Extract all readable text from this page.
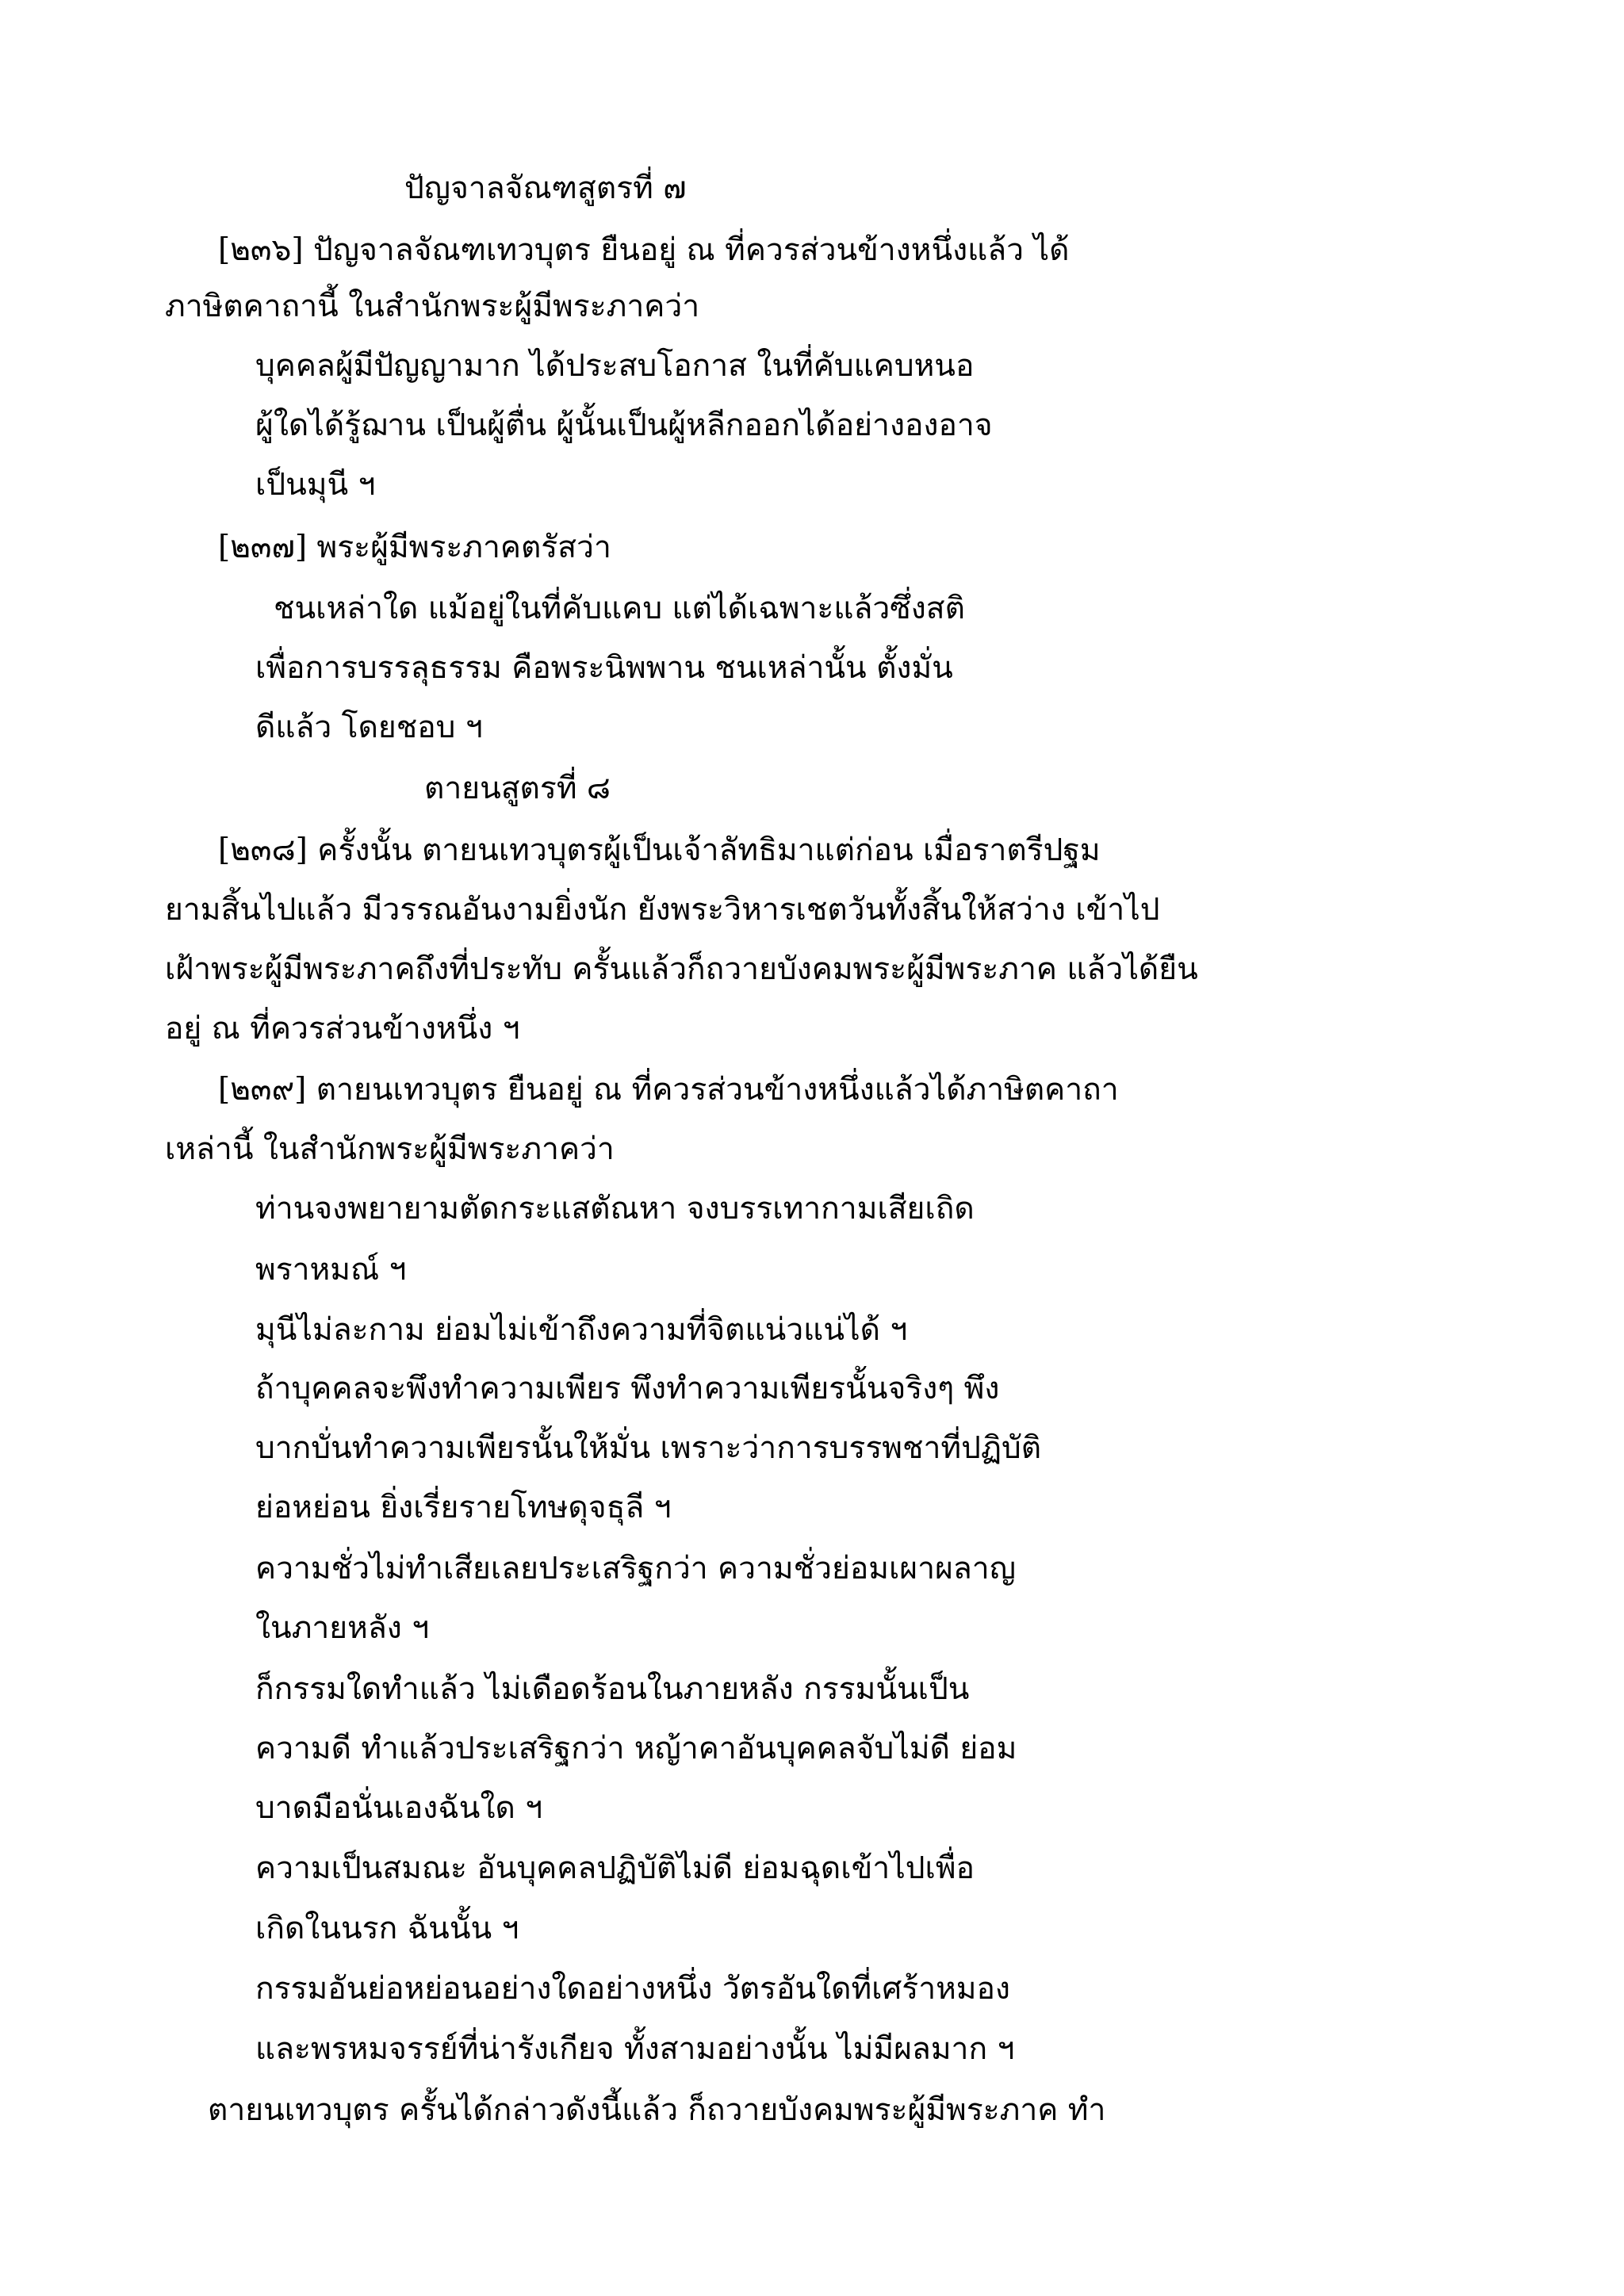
ปัญจาลจัณฑสูตรที่ ๗
[๒๓๖] ปัญจาลจัณฑเทวบุตร ยืนอยู่ ณ ที่ควรส่วนข้างหนึ่งแล้ว ได้
ภาษิตคาถานี้ ในสำนักพระผู้มีพระภาคว่า
บุคคลผู้มีปัญญามาก ได้ประสบโอกาส ในที่คับแคบหนอ
ผู้ใดได้รู้ฌาน เป็นผู้ตื่น ผู้นั้นเป็นผู้หลีกออกได้อย่างองอาจ
เป็นมุนี ฯ
[๒๓๗] พระผู้มีพระภาคตรัสว่า
ชนเหล่าใด แม้อยู่ในที่คับแคบ แต่ได้เฉพาะแล้วซึ่งสติ
เพื่อการบรรลุธรรม คือพระนิพพาน ชนเหล่านั้น ตั้งมั่น
ดีแล้ว โดยชอบ ฯ
ตายนสูตรที่ ๘
[๒๓๘] ครั้งนั้น ตายนเทวบุตรผู้เป็นเจ้าลัทธิมาแต่ก่อน เมื่อราตรีปฐม
ยามสิ้นไปแล้ว มีวรรณอันงามยิ่งนัก ยังพระวิหารเชตวันทั้งสิ้นให้สว่าง เข้าไป
เฝ้าพระผู้มีพระภาคถึงที่ประทับ ครั้นแล้วก็ถวายบังคมพระผู้มีพระภาค แล้วได้ยืน
อยู่ ณ ที่ควรส่วนข้างหนึ่ง ฯ
[๒๓๙] ตายนเทวบุตร ยืนอยู่ ณ ที่ควรส่วนข้างหนึ่งแล้วได้ภาษิตคาถา
เหล่านี้ ในสำนักพระผู้มีพระภาคว่า
ท่านจงพยายามตัดกระแสตัณหา จงบรรเทากามเสียเถิด
พราหมณ์ ฯ
มุนีไม่ละกาม ย่อมไม่เข้าถึงความที่จิตแน่วแน่ได้ ฯ
ถ้าบุคคลจะพึงทำความเพียร พึงทำความเพียรนั้นจริงๆ พึง
บากบั่นทำความเพียรนั้นให้มั่น เพราะว่าการบรรพชาที่ปฏิบัติ
ย่อหย่อน ยิ่งเรี่ยรายโทษดุจธุลี ฯ
ความชั่วไม่ทำเสียเลยประเสริฐกว่า ความชั่วย่อมเผาผลาญ
ในภายหลัง ฯ
ก็กรรมใดทำแล้ว ไม่เดือดร้อนในภายหลัง กรรมนั้นเป็น
ความดี ทำแล้วประเสริฐกว่า หญ้าคาอันบุคคลจับไม่ดี ย่อม
บาดมือนั่นเองฉันใด ฯ
ความเป็นสมณะ อันบุคคลปฏิบัติไม่ดี ย่อมฉุดเข้าไปเพื่อ
เกิดในนรก ฉันนั้น ฯ
กรรมอันย่อหย่อนอย่างใดอย่างหนึ่ง วัตรอันใดที่เศร้าหมอง
และพรหมจรรย์ที่น่ารังเกียจ ทั้งสามอย่างนั้น ไม่มีผลมาก ฯ
ตายนเทวบุตร ครั้นได้กล่าวดังนี้แล้ว ก็ถวายบังคมพระผู้มีพระภาค ทำ
